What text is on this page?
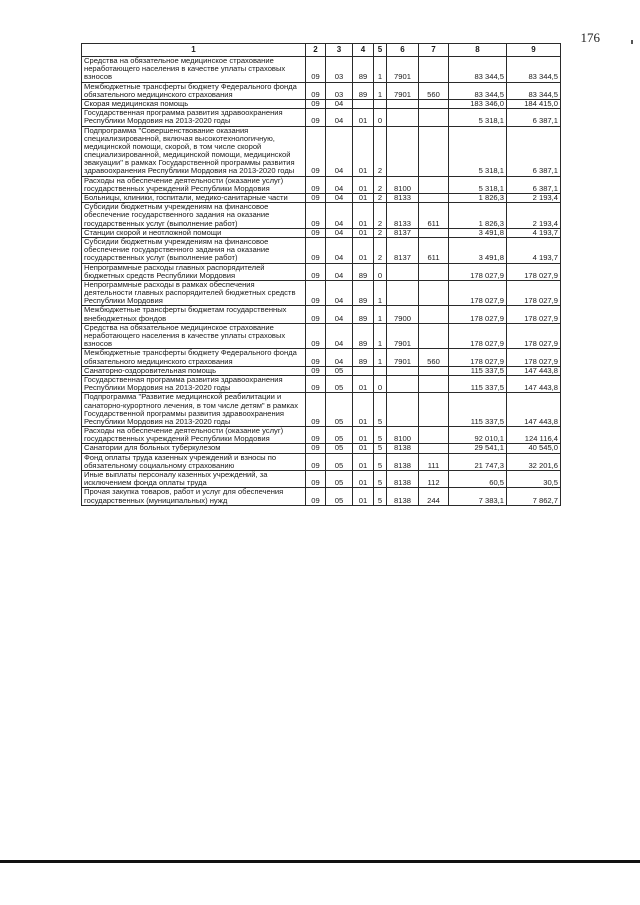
176
1	2	3	4	5	6	7	8	9
Средства на обязательное медицинское страхование неработающего населения в качестве уплаты страховых взносов	09	03	89	1	7901		83 344,5	83 344,5
Межбюджетные трансферты бюджету Федерального фонда обязательного медицинского страхования	09	03	89	1	7901	560	83 344,5	83 344,5
Скорая медицинская помощь	09	04					183 346,0	184 415,0
Государственная программа развития здравоохранения Республики Мордовия на 2013-2020 годы	09	04	01	0			5 318,1	6 387,1
Подпрограмма "Совершенствование оказания специализированной, включая высокотехнологичную, медицинской помощи, скорой, в том числе скорой специализированной, медицинской помощи, медицинской эвакуации" в рамках Государственной программы развития здравоохранения Республики Мордовия на 2013-2020 годы	09	04	01	2			5 318,1	6 387,1
Расходы на обеспечение деятельности (оказание услуг) государственных учреждений Республики Мордовия	09	04	01	2	8100		5 318,1	6 387,1
Больницы, клиники, госпитали, медико-санитарные части	09	04	01	2	8133		1 826,3	2 193,4
Субсидии бюджетным учреждениям на финансовое обеспечение государственного задания на оказание государственных услуг (выполнение работ)	09	04	01	2	8133	611	1 826,3	2 193,4
Станции скорой и неотложной помощи	09	04	01	2	8137		3 491,8	4 193,7
Субсидии бюджетным учреждениям на финансовое обеспечение государственного задания на оказание государственных услуг (выполнение работ)	09	04	01	2	8137	611	3 491,8	4 193,7
Непрограммные расходы главных распорядителей бюджетных средств Республики Мордовия	09	04	89	0			178 027,9	178 027,9
Непрограммные расходы в рамках обеспечения деятельности главных распорядителей бюджетных средств Республики Мордовия	09	04	89	1			178 027,9	178 027,9
Межбюджетные трансферты бюджетам государственных внебюджетных фондов	09	04	89	1	7900		178 027,9	178 027,9
Средства на обязательное медицинское страхование неработающего населения в качестве уплаты страховых взносов	09	04	89	1	7901		178 027,9	178 027,9
Межбюджетные трансферты бюджету Федерального фонда обязательного медицинского страхования	09	04	89	1	7901	560	178 027,9	178 027,9
Санаторно-оздоровительная помощь	09	05					115 337,5	147 443,8
Государственная программа развития здравоохранения Республики Мордовия на 2013-2020 годы	09	05	01	0			115 337,5	147 443,8
Подпрограмма "Развитие медицинской реабилитации и санаторно-курортного лечения, в том числе детям" в рамках Государственной программы развития здравоохранения Республики Мордовия на 2013-2020 годы	09	05	01	5			115 337,5	147 443,8
Расходы на обеспечение деятельности (оказание услуг) государственных учреждений Республики Мордовия	09	05	01	5	8100		92 010,1	124 116,4
Санатории для больных туберкулезом	09	05	01	5	8138		29 541,1	40 545,0
Фонд оплаты труда казенных учреждений и взносы по обязательному социальному страхованию	09	05	01	5	8138	111	21 747,3	32 201,6
Иные выплаты персоналу казенных учреждений, за исключением фонда оплаты труда	09	05	01	5	8138	112	60,5	30,5
Прочая закупка товаров, работ и услуг для обеспечения государственных (муниципальных) нужд	09	05	01	5	8138	244	7 383,1	7 862,7
